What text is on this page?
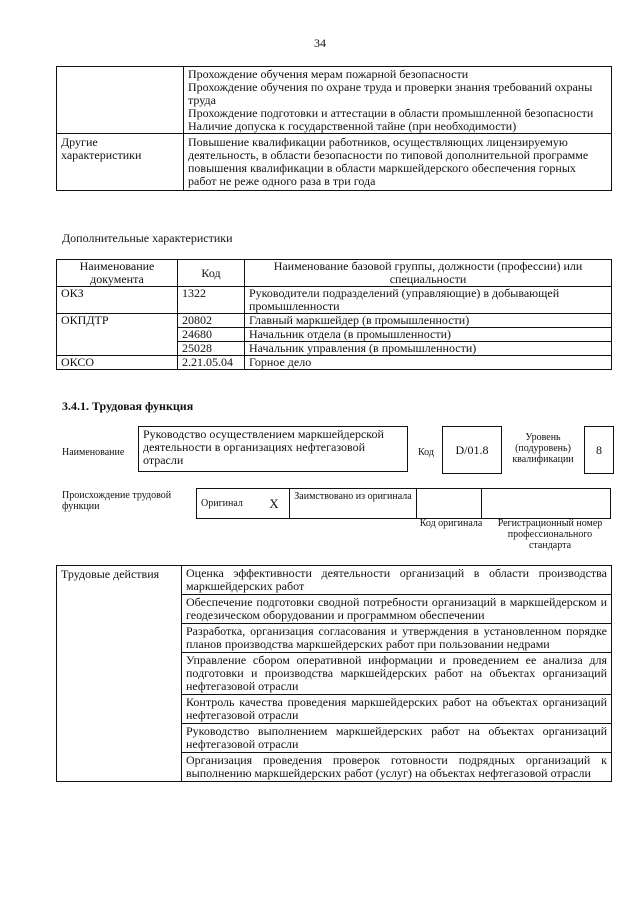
34

	Прохождение обучения мерам пожарной безопасности
Прохождение обучения по охране труда и проверки знания требований охраны труда
Прохождение подготовки и аттестации в области промышленной безопасности
Наличие допуска к государственной тайне (при необходимости)

Другие характеристики	Повышение квалификации работников, осуществляющих лицензируемую деятельность, в области безопасности по типовой дополнительной программе повышения квалификации в области маркшейдерского обеспечения горных работ не реже одного раза в три года
Дополнительные характеристики
Наименование документа	Код	Наименование базовой группы, должности (профессии) или специальности
ОКЗ	1322	Руководители подразделений (управляющие) в добывающей промышленности
ОКПДТР	20802	Главный маркшейдер (в промышленности)
	24680	Начальник отдела (в промышленности)
	25028	Начальник управления (в промышленности)
ОКСО	2.21.05.04	Горное дело
3.4.1. Трудовая функция
Наименование
Руководство осуществлением маркшейдерской деятельности в организациях нефтегазовой отрасли
Код D/01.8
Уровень (подуровень) квалификации
8
Происхождение трудовой функции	Оригинал	X	Заимствовано из оригинала		
Код оригинала	Регистрационный номер профессионального стандарта
Трудовые действия	Оценка эффективности деятельности организаций в области производства маркшейдерских работ
Обеспечение подготовки сводной потребности организаций в маркшейдерском и геодезическом оборудовании и программном обеспечении
Разработка, организация согласования и утверждения в установленном порядке планов производства маркшейдерских работ при пользовании недрами
Управление сбором оперативной информации и проведением ее анализа для подготовки и производства маркшейдерских работ на объектах организаций нефтегазовой отрасли
Контроль качества проведения маркшейдерских работ на объектах организаций нефтегазовой отрасли
Руководство выполнением маркшейдерских работ на объектах организаций нефтегазовой отрасли
Организация проведения проверок готовности подрядных организаций к выполнению маркшейдерских работ (услуг) на объектах нефтегазовой отрасли
